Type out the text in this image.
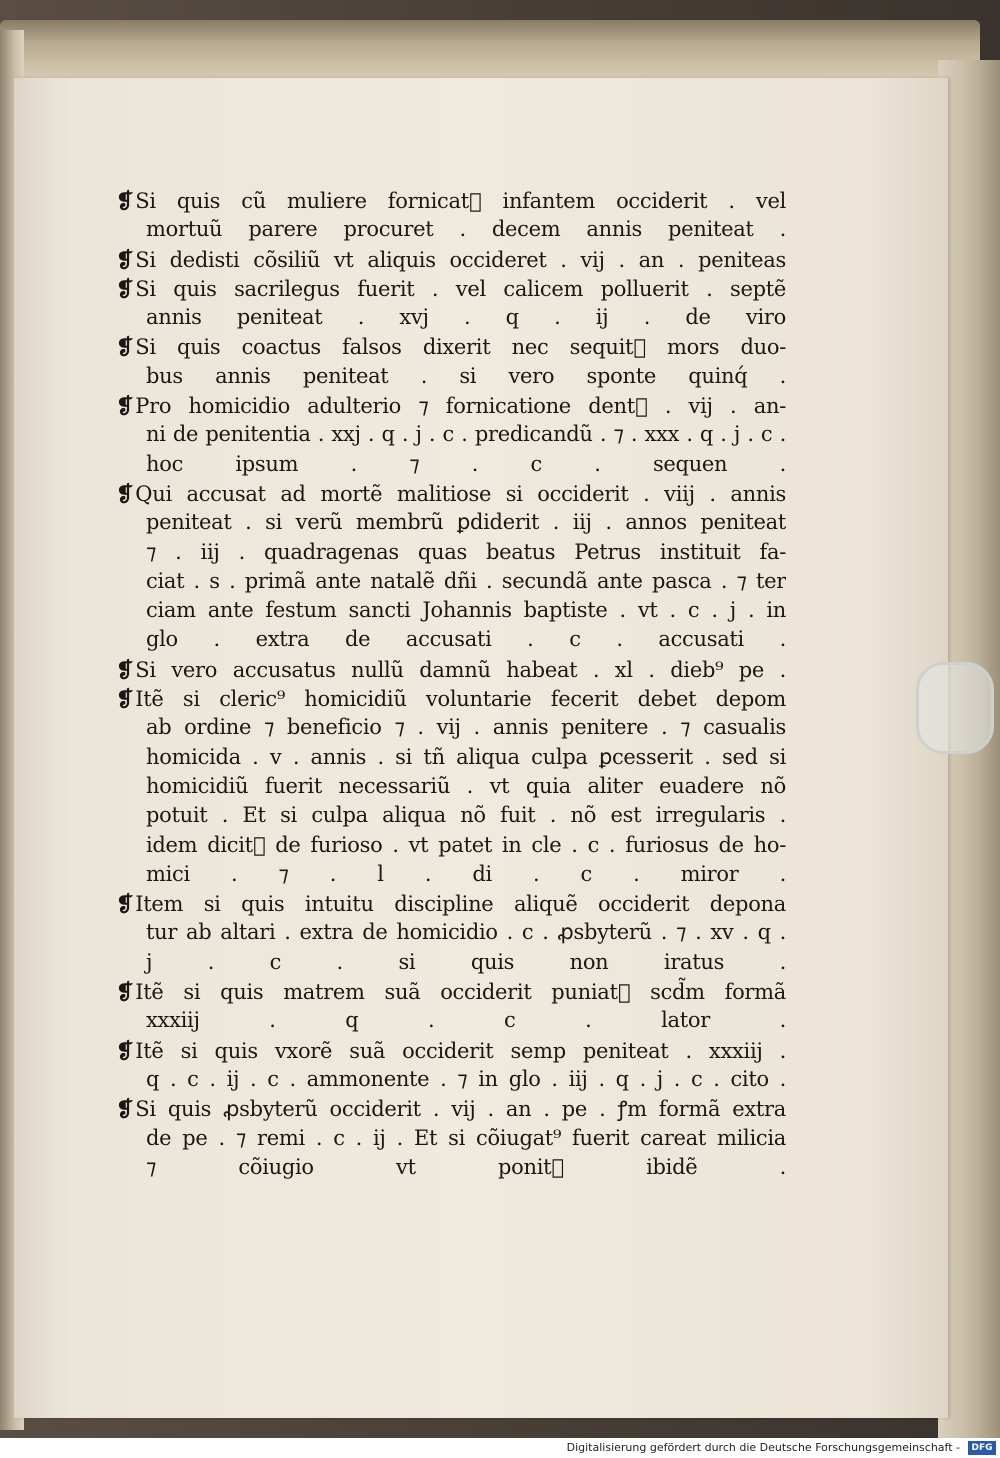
❡Si quis cũ muliere fornicat᷑ infantem occiderit . vel
mortuũ parere procuret . decem annis peniteat .
❡Si dedisti cõsiliũ vt aliquis occideret . vij . an . peniteas
❡Si quis sacrilegus fuerit . vel calicem polluerit . septẽ
annis peniteat . xvj . q . ij . de viro
❡Si quis coactus falsos dixerit nec sequit᷑ mors duo-
bus annis peniteat . si vero sponte quinq́ .
❡Pro homicidio adulterio ⁊ fornicatione dent᷑ . vij . an-
ni de penitentia . xxj . q . j . c . predicandũ . ⁊ . xxx . q . j . c .
hoc ipsum . ⁊ . c . sequen .
❡Qui accusat ad mortẽ malitiose si occiderit . viij . annis
peniteat . si verũ membrũ ꝑdiderit . iij . annos peniteat
⁊ . iij . quadragenas quas beatus Petrus instituit fa-
ciat . s . primã ante natalẽ dñi . secundã ante pasca . ⁊ ter
ciam ante festum sancti Johannis baptiste . vt . c . j . in
glo . extra de accusati . c . accusati .
❡Si vero accusatus nullũ damnũ habeat . xl . dieb⁹ pe .
❡Itẽ si cleric⁹ homicidiũ voluntarie fecerit debet depom
ab ordine ⁊ beneficio ⁊ . vij . annis penitere . ⁊ casualis
homicida . v . annis . si tñ aliqua culpa ꝑcesserit . sed si
homicidiũ fuerit necessariũ . vt quia aliter euadere nõ
potuit . Et si culpa aliqua nõ fuit . nõ est irregularis .
idem dicit᷑ de furioso . vt patet in cle . c . furiosus de ho-
mici . ⁊ . l . di . c . miror .
❡Item si quis intuitu discipline aliquẽ occiderit depona
tur ab altari . extra de homicidio . c . ꝓsbyterũ . ⁊ . xv . q .
j . c . si quis non iratus .
❡Itẽ si quis matrem suã occiderit puniat᷑ scd̃m formã
xxxiij . q . c . lator .
❡Itẽ si quis vxorẽ suã occiderit semp peniteat . xxxiij .
q . c . ij . c . ammonente . ⁊ in glo . iij . q . j . c . cito .
❡Si quis ꝓsbyterũ occiderit . vij . an . pe . ꝭm formã extra
de pe . ⁊ remi . c . ij . Et si cõiugat⁹ fuerit careat milicia
⁊ cõiugio vt ponit᷑ ibidẽ .
Digitalisierung gefördert durch die Deutsche Forschungsgemeinschaft -	DFG
